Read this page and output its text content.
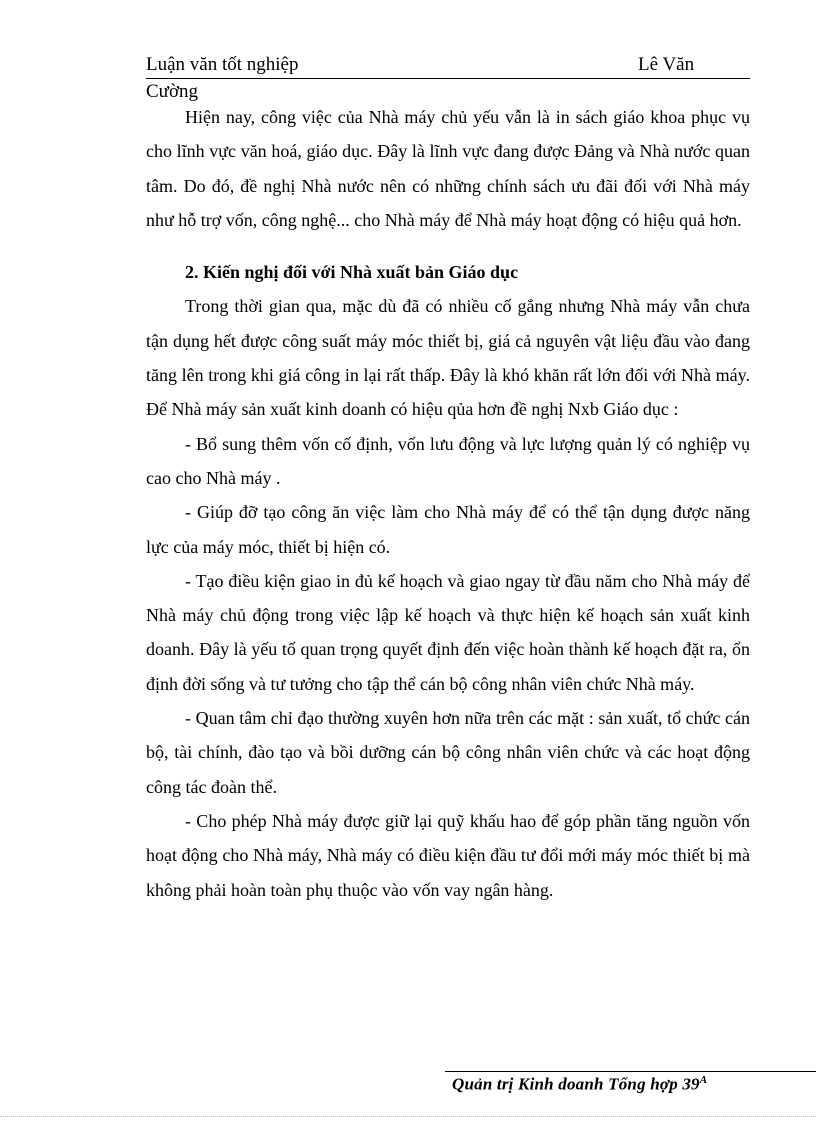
Luận văn tốt nghiệp	Lê Văn
Cường

Hiện nay, công việc của Nhà máy chủ yếu vẫn là in sách giáo khoa phục vụ cho lĩnh vực văn hoá, giáo dục. Đây là lĩnh vực đang được Đảng và Nhà nước quan tâm. Do đó, đề nghị Nhà nước nên có những chính sách ưu đãi đối với Nhà máy như hỗ trợ vốn, công nghệ... cho Nhà máy để Nhà máy hoạt động có hiệu quả hơn.

2. Kiến nghị đối với Nhà xuất bản Giáo dục

Trong thời gian qua, mặc dù đã có nhiều cố gắng nhưng Nhà máy vẫn chưa tận dụng hết được công suất máy móc thiết bị, giá cả nguyên vật liệu đầu vào đang tăng lên trong khi giá công in lại rất thấp. Đây là khó khăn rất lớn đối với Nhà máy. Để Nhà máy sản xuất kinh doanh có hiệu qủa hơn đề nghị Nxb Giáo dục :

- Bổ sung thêm vốn cố định, vốn lưu động và lực lượng quản lý có nghiệp vụ cao cho Nhà máy .

- Giúp đỡ tạo công ăn việc làm cho Nhà máy để có thể tận dụng được năng lực của máy móc, thiết bị hiện có.

- Tạo điều kiện giao in đủ kế hoạch và giao ngay từ đầu năm cho Nhà máy để Nhà máy chủ động trong việc lập kế hoạch và thực hiện kế hoạch sản xuất kinh doanh. Đây là yếu tố quan trọng quyết định đến việc hoàn thành kế hoạch đặt ra, ổn định đời sống và tư tưởng cho tập thể cán bộ công nhân viên chức Nhà máy.

- Quan tâm chỉ đạo thường xuyên hơn nữa trên các mặt : sản xuất, tổ chức cán bộ, tài chính, đào tạo và bồi dưỡng cán bộ công nhân viên chức và các hoạt động công tác đoàn thể.

- Cho phép Nhà máy được giữ lại quỹ khấu hao để góp phần tăng nguồn vốn hoạt động cho Nhà máy, Nhà máy có điều kiện đầu tư đổi mới máy móc thiết bị mà không phải hoàn toàn phụ thuộc vào vốn vay ngân hàng.

Quản trị Kinh doanh Tổng hợp $39^A$
